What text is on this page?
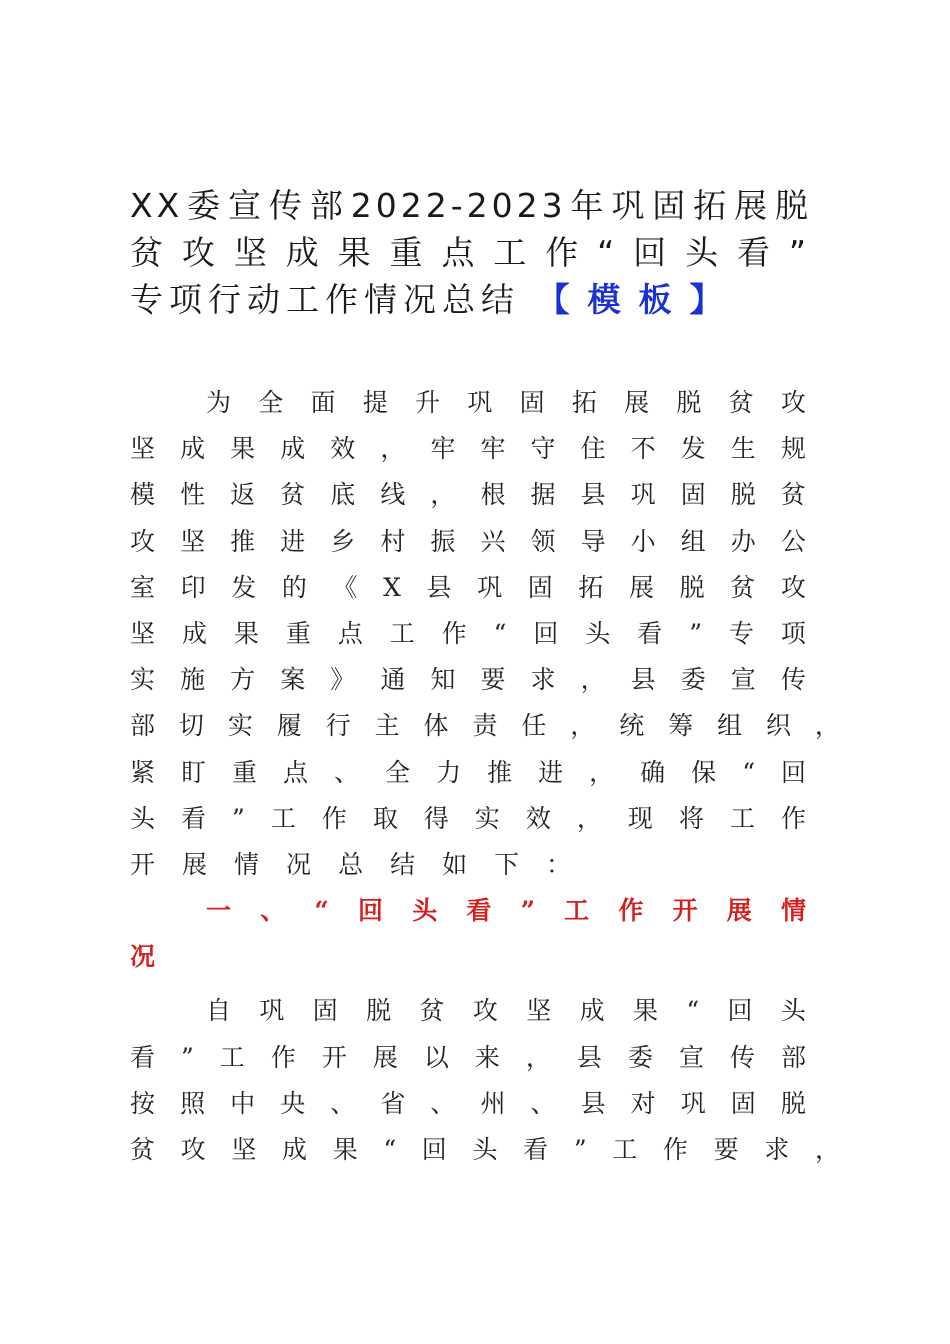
XX委宣传部2022-2023年巩固拓展脱
贫攻坚成果重点工作“回头看”
专项行动工作情况总结 【模板】
为 全 面 提 升 巩 固 拓 展 脱 贫 攻
坚 成 果 成 效 ， 牢 牢 守 住 不 发 生 规
模 性 返 贫 底 线 ， 根 据 县 巩 固 脱 贫
攻 坚 推 进 乡 村 振 兴 领 导 小 组 办 公
室 印 发 的 《 X 县 巩 固 拓 展 脱 贫 攻
坚 成 果 重 点 工 作 “ 回 头 看 ” 专 项
实 施 方 案 》 通 知 要 求 ， 县 委 宣 传
部 切 实 履 行 主 体 责 任 ， 统 筹 组 织 ，
紧 盯 重 点 、 全 力 推 进 ， 确 保 “ 回
头 看 ” 工 作 取 得 实 效 ， 现 将 工 作
开 展 情 况 总 结 如 下 ：
一 、 “ 回 头 看 ” 工 作 开 展 情
况
自 巩 固 脱 贫 攻 坚 成 果 “ 回 头
看 ” 工 作 开 展 以 来 ， 县 委 宣 传 部
按 照 中 央 、 省 、 州 、 县 对 巩 固 脱
贫 攻 坚 成 果 “ 回 头 看 ” 工 作 要 求 ，
